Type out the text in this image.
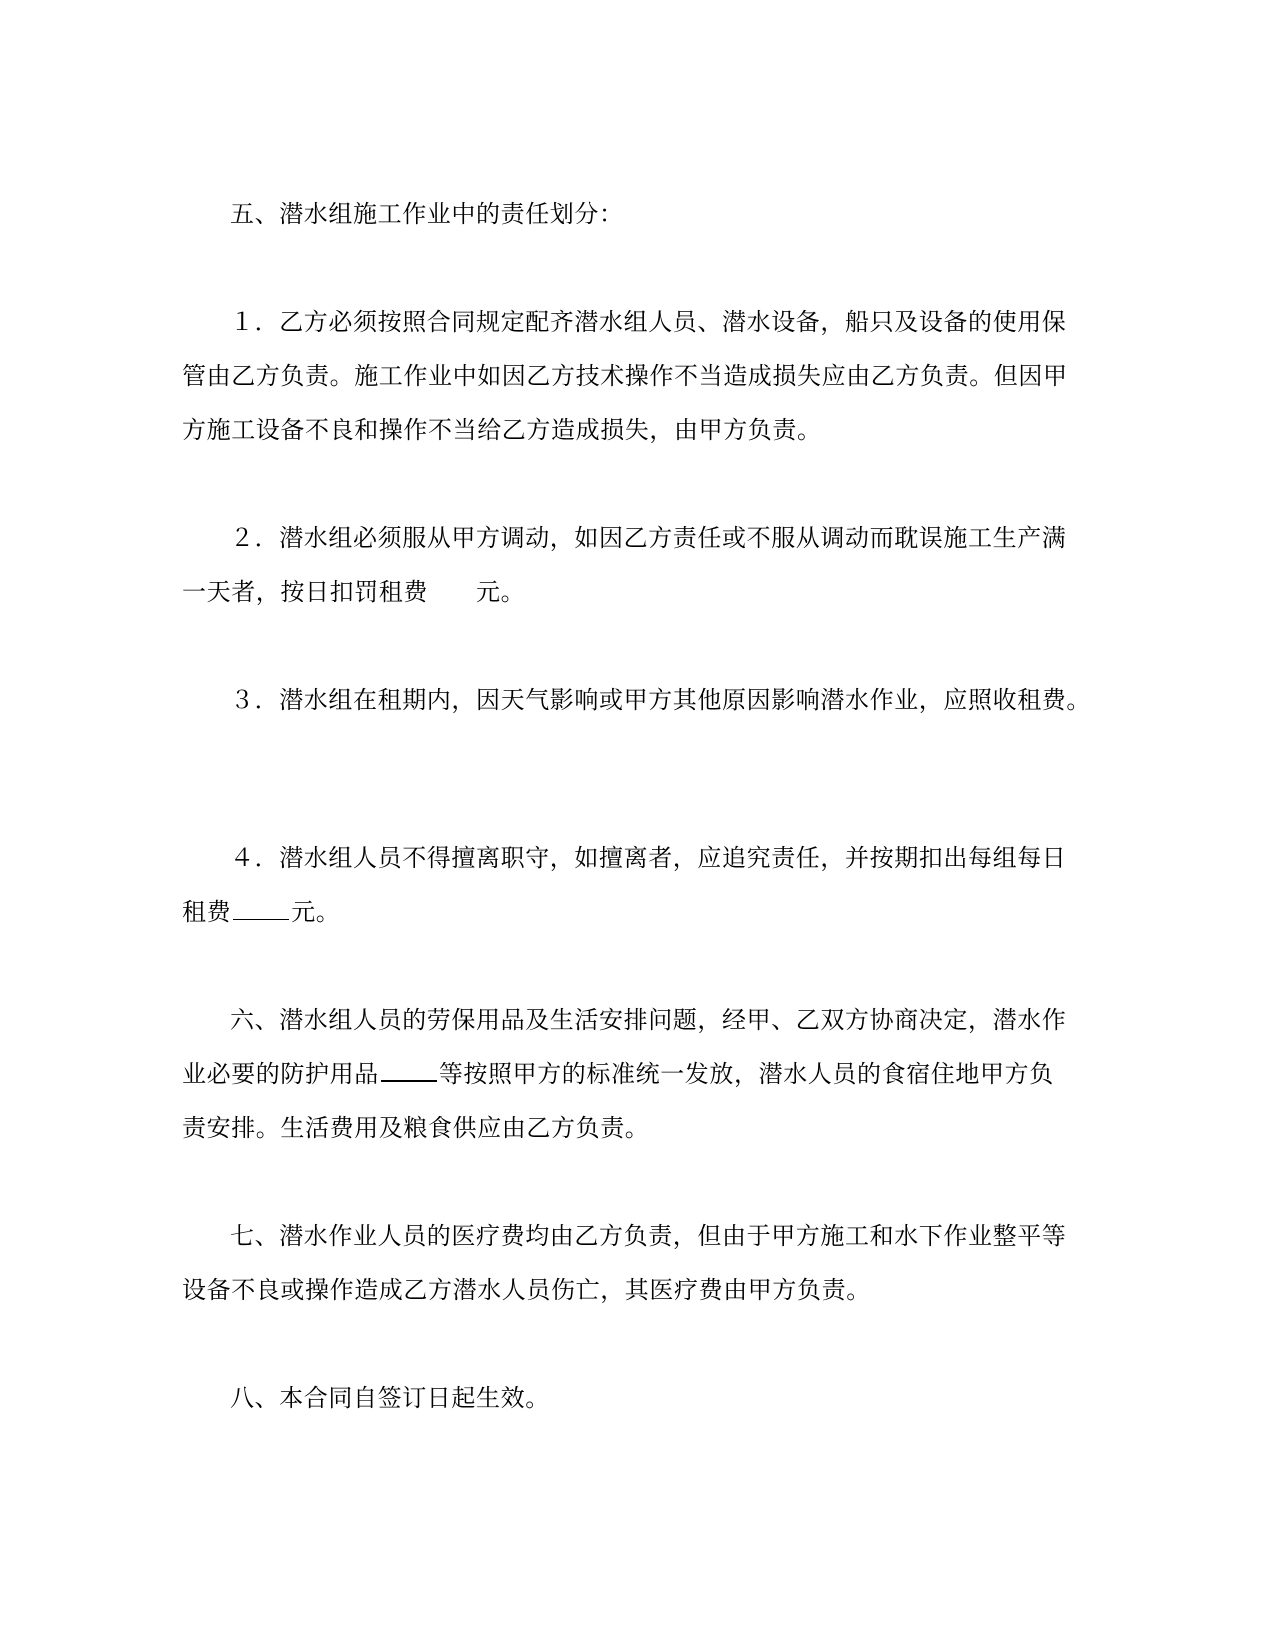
五、潜水组施工作业中的责任划分：
１．乙方必须按照合同规定配齐潜水组人员、潜水设备，船只及设备的使用保
管由乙方负责。施工作业中如因乙方技术操作不当造成损失应由乙方负责。但因甲
方施工设备不良和操作不当给乙方造成损失，由甲方负责。
２．潜水组必须服从甲方调动，如因乙方责任或不服从调动而耽误施工生产满
一天者，按日扣罚租费 元。
３．潜水组在租期内，因天气影响或甲方其他原因影响潜水作业，应照收租费。
４．潜水组人员不得擅离职守，如擅离者，应追究责任，并按期扣出每组每日
租费	元。
六、潜水组人员的劳保用品及生活安排问题，经甲、乙双方协商决定，潜水作
业必要的防护用品	等按照甲方的标准统一发放，潜水人员的食宿住地甲方负
责安排。生活费用及粮食供应由乙方负责。
七、潜水作业人员的医疗费均由乙方负责，但由于甲方施工和水下作业整平等
设备不良或操作造成乙方潜水人员伤亡，其医疗费由甲方负责。
八、本合同自签订日起生效。
